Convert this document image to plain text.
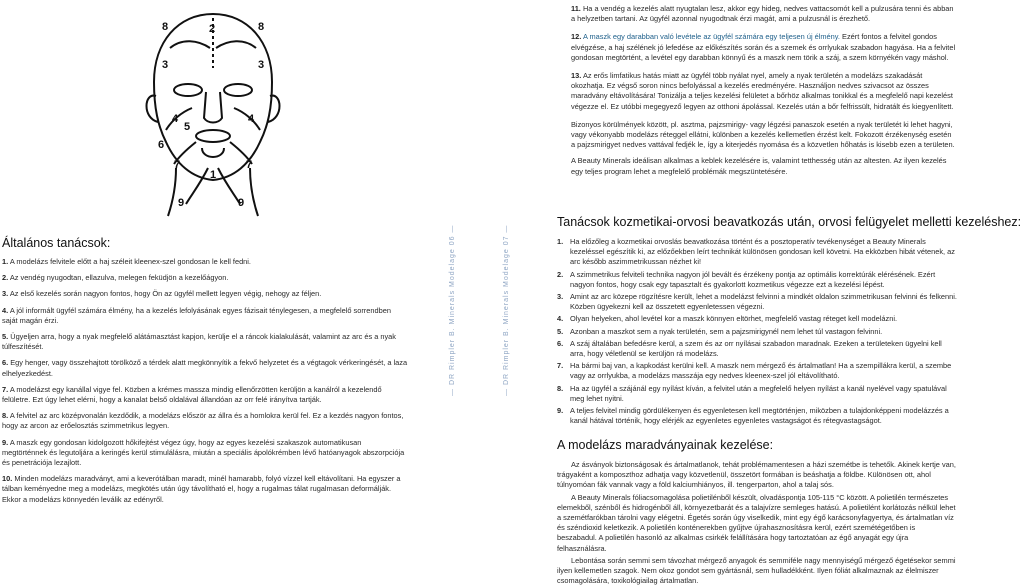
8	2	8
3	3
4
5
6
4
7	7
1
9	9

11. Ha a vendég a kezelés alatt nyugtalan lesz, akkor egy hideg, nedves vattacsomót kell a pulzusára tenni és abban a helyzetben tartani. Az ügyfél azonnal nyugodtnak érzi magát, ami a pulzusnál is érezhető.

12. A maszk egy darabban való levétele az ügyfél számára egy teljesen új élmény. Ezért fontos a felvitel gondos elvégzése, a haj szélének jó lefedése az előkészítés során és a szemek és orrlyukak szabadon hagyása. Ha a felvitel gondosan megtörtént, a levétel egy darabban könnyű és a maszk nem törik a száj, a szem környékén vagy máshol.

13. Az erős limfatikus hatás miatt az ügyfél több nyálat nyel, amely a nyak területén a modelázs szakadását okozhatja. Ez végső soron nincs befolyással a kezelés eredményére. Használjon nedves szivacsot az összes maradvány eltávolítására! Tonizálja a teljes kezelési felületet a bőrhöz alkalmas tonikkal és a megfelelő napi kezelést végezze el. Ez utóbbi megegyező legyen az otthoni ápolással. Kezelés után a bőr felfrissült, hidratált és kiegyenlített.

Bizonyos körülmények között, pl. asztma, pajzsmirigy- vagy légzési panaszok esetén a nyak területét ki lehet hagyni, vagy vékonyabb modelázs réteggel ellátni, különben a kezelés kellemetlen érzést kelt. Fokozott érzékenység esetén a pajzsmirigyet nedves vattával fedjék le, így a kiterjedés nyomása és a közvetlen hőhatás is kisebb ezen a területen.

A Beauty Minerals ideálisan alkalmas a keblek kezelésére is, valamint tetthesség után az altesten. Az ilyen kezelés egy teljes program lehet a megfelelő problémák megszüntetésére.

Tanácsok kozmetikai-orvosi beavatkozás után, orvosi felügyelet melletti kezeléshez:
Általános tanácsok:

1. A modelázs felvitele előtt a haj széleit kleenex-szel gondosan le kell fedni.

2. Az vendég nyugodtan, ellazulva, melegen feküdjön a kezelőágyon.

3. Az első kezelés során nagyon fontos, hogy Ön az ügyfél mellett legyen végig, nehogy az féljen.

4. A jól informált ügyfél számára élmény, ha a kezelés lefolyásának egyes fázisait ténylegesen, a megfelelő sorrendben saját magán érzi.

5. Ügyeljen arra, hogy a nyak megfelelő alátámasztást kapjon, kerülje el a ráncok kialakulását, valamint az arc és a nyak túlfeszítését.

6. Egy henger, vagy összehajtott törölköző a térdek alatt megkönnyítik a fekvő helyzetet és a végtagok vérkeringését, a laza elhelyezkedést.

7. A modelázst egy kanállal vigye fel. Közben a krémes massza mindig ellenőrzötten kerüljön a kanálról a kezelendő felületre. Ezt úgy lehet elérni, hogy a kanalat belső oldalával állandóan az orr felé irányítva tartják.

8. A felvitel az arc középvonalán kezdődik, a modelázs először az állra és a homlokra kerül fel. Ez a kezdés nagyon fontos, hogy az arcon az erőelosztás szimmetrikus legyen.

9. A maszk egy gondosan kidolgozott hőkifejtést végez úgy, hogy az egyes kezelési szakaszok automatikusan megtörténnek és legutoljára a keringés kerül stimulálásra, miután a speciális ápolókrémben lévő hatóanyagok abszorpciója és penetrációja lezajlott.

10. Minden modelázs maradványt, ami a kever​ótálban maradt, minél hamarabb, folyó vízzel kell eltávolítani. Ha egyszer a tálban keményedne meg a modelázs, megkötés után úgy távolítható el, hogy a rugalmas tálat rugalmasan deformálják. Ekkor a modelázs könnyedén leválik az edényről.

— DR Rimpler B. Minerals Modelage 06 —	— DR Rimpler B. Minerals Modelage 07 —	1. Ha előzőleg a kozmetikai orvoslás beavatkozása történt és a posztoperatív tevékenységet a Beauty Minerals kezeléssel egészítik ki, az előzőekben leírt technikát különösen gondosan kell követni. Ha ekközben hibát vétenek, az arc később aszimmetrikussan nézhet ki!
2. A szimmetrikus felviteli technika nagyon jól bevált és érzékeny pontja az optimális korrektúrák elérésének. Ezért nagyon fontos, hogy csak egy tapasztalt és gyakorlott kozmetikus végezze ezt a kezelési lépést.
3. Amint az arc közepe rögzítésre került, lehet a modelázst felvinni a mindkét oldalon szimmetrikusan felvinni és felkenni. Közben ügyekezni kell az összetett egyenletessen végezni.
4. Olyan helyeken, ahol levétel kor a maszk könnyen eltörhet, megfelelő vastag réteget kell modelázni.
5. Azonban a maszkot sem a nyak területén, sem a pajzsmirigynél nem lehet túl vastagon felvinni.
6. A száj általában befedésre kerül, a szem és az orr nyílásai szabadon maradnak. Ezeken a területeken ügyelni kell arra, hogy véletlenül se kerüljön rá modelázs.
7. Ha bármi baj van, a kapkodást kerülni kell. A maszk nem mérgező és ártalmatlan! Ha a szempillákra kerül, a szembe vagy az orrlyukba, a modelázs masszája egy nedves kleenex-szel jól eltávolítható.
8. Ha az ügyfél a szájánál egy nyílást kíván, a felvitel után a megfelelő helyen nyílást a kanál nyelével vagy spatulával meg lehet nyitni.
9. A teljes felvitel mindig gördülékenyen és egyenletesen kell megtörténjen, miközben a tulajdonképpeni modelázzés a kanál hátával történik, hogy elérjék az egyenletes egyenletes vastagságot és rétegvastagságot.
A modelázs maradványainak kezelése:

Az ásványok biztonságosak és ártalmatlanok, tehát problémamentesen a házi szemétbe is tehetők. Akinek kertje van, trágyaként a komposzthoz adhatja vagy közvetlenül, összetört formában is beáshatja a földbe. Különösen ott, ahol túlnyomóan fák vannak vagy a föld kalciumhiányos, ill. tengerparton, ahol a talaj sós.

A Beauty Minerals fóliacsomagolása polietilénből készült, olvadáspontja 105-115 °C között. A polietilén természetes elemekből, szénből és hidrogénből áll, környezetbarát és a talajvízre semleges hatású. A polietilént korlátozás nélkül lehet a szemétfarókban tárolni vagy elégetni. Égetés során úgy viselkedik, mint egy égő karácsonyfagyertya, és ártalmatlan víz és széndioxid keletkezik. A polietilén konténerekben gyűjtve újrahasznosításra kerül, ezért szemétégetőben is beszabadul. A polietilén hasonló az alkalmas csirkék felállítására hogy tartoztatóan az égő anyagát egy újra felhasználásra.

Lebontása során semmi sem távozhat mérgező anyagok és semmiféle nagy mennyiségű mérgező égetésekor semmi ilyen kellemetlen szagok. Nem okoz gondot sem gyártásnál, sem hulladékként. Ilyen fóliát alkalmaznak az élelmiszer csomagolására, toxikológiailag ártalmatlan.
